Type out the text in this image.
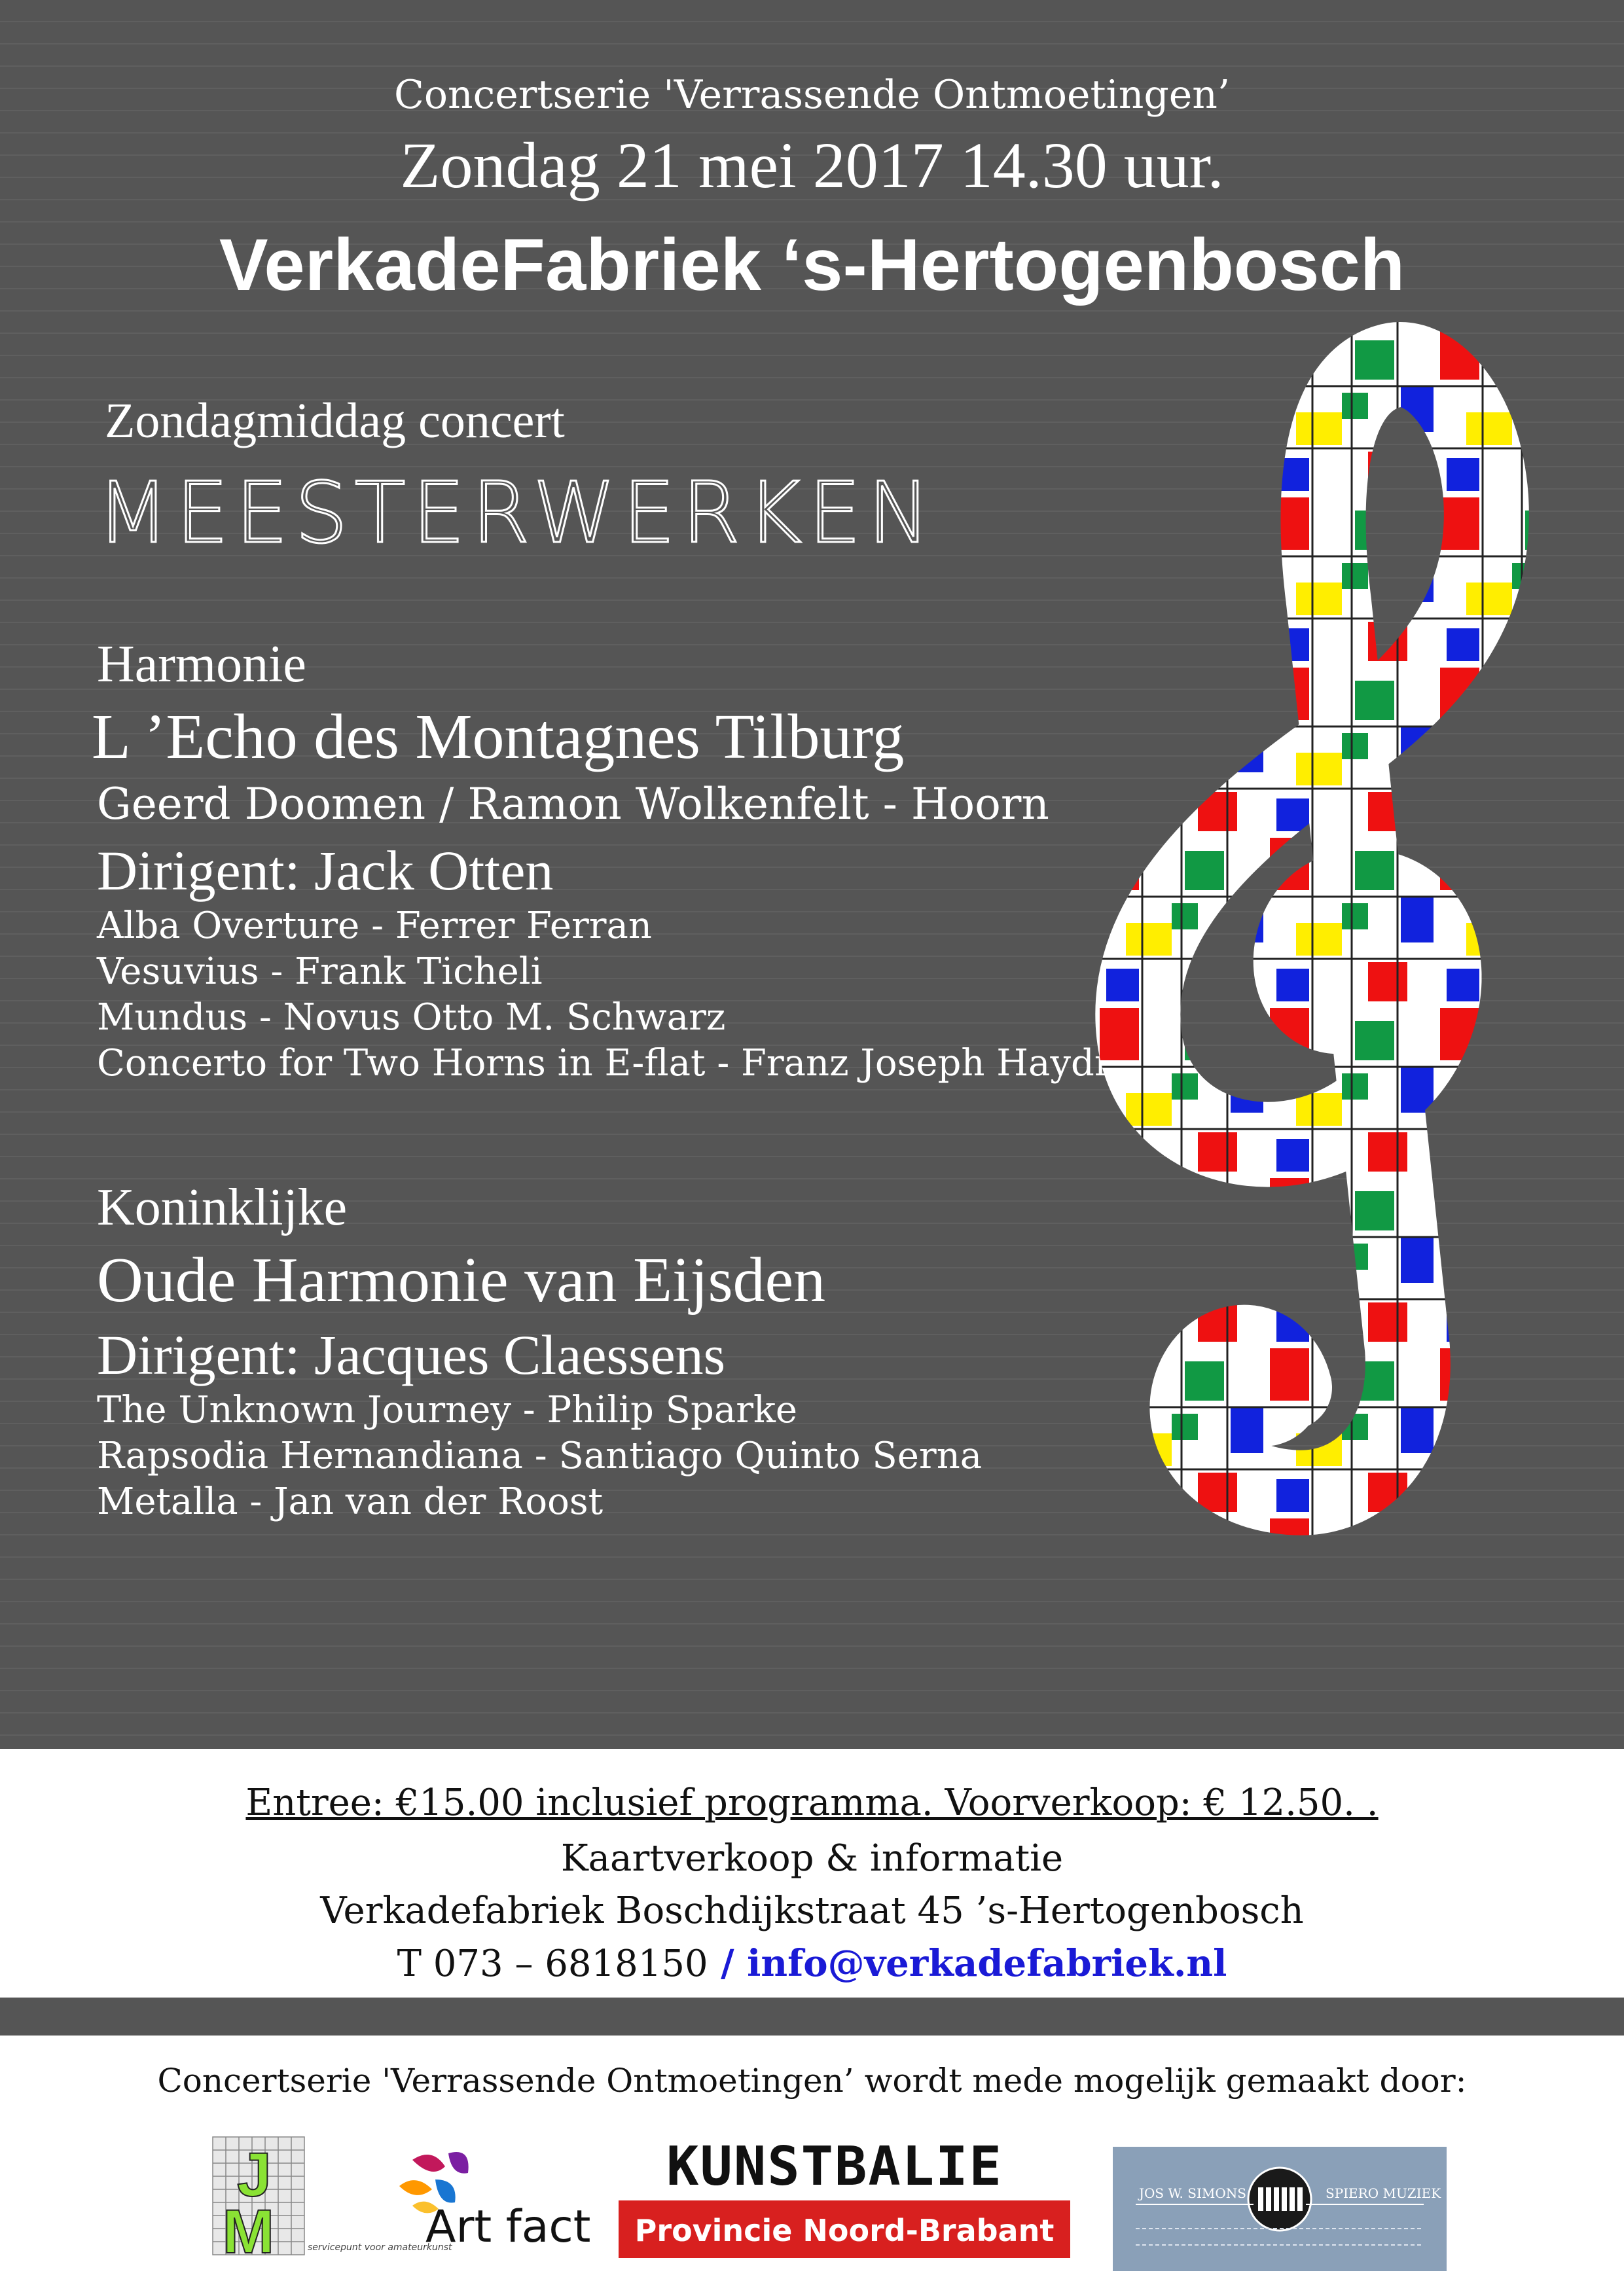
Concertserie 'Verrassende Ontmoetingen’
Zondag 21 mei 2017 14.30 uur.
VerkadeFabriek ‘s-Hertogenbosch
Zondagmiddag concert
MEESTERWERKEN
Harmonie
L ’Echo des Montagnes Tilburg
Geerd Doomen / Ramon Wolkenfelt - Hoorn
Dirigent: Jack Otten
Alba Overture - Ferrer Ferran
Vesuvius - Frank Ticheli
Mundus - Novus Otto M. Schwarz
Concerto for Two Horns in E-flat - Franz Joseph Haydn
Koninklijke
Oude Harmonie van Eijsden
Dirigent: Jacques Claessens
The Unknown Journey - Philip Sparke
Rapsodia Hernandiana - Santiago Quinto Serna
Metalla - Jan van der Roost
Entree: €15.00 inclusief programma. Voorverkoop: € 12.50. .
Kaartverkoop & informatie
Verkadefabriek Boschdijkstraat 45 ’s-Hertogenbosch
T 073 – 6818150 / info@verkadefabriek.nl
Concertserie 'Verrassende Ontmoetingen’ wordt mede mogelijk gemaakt door:
J
M	servicepunt voor amateurkunst
Art fact
KUNSTBALIE
Provincie Noord-Brabant
JOS W. SIMONS	SPIERO MUZIEK
